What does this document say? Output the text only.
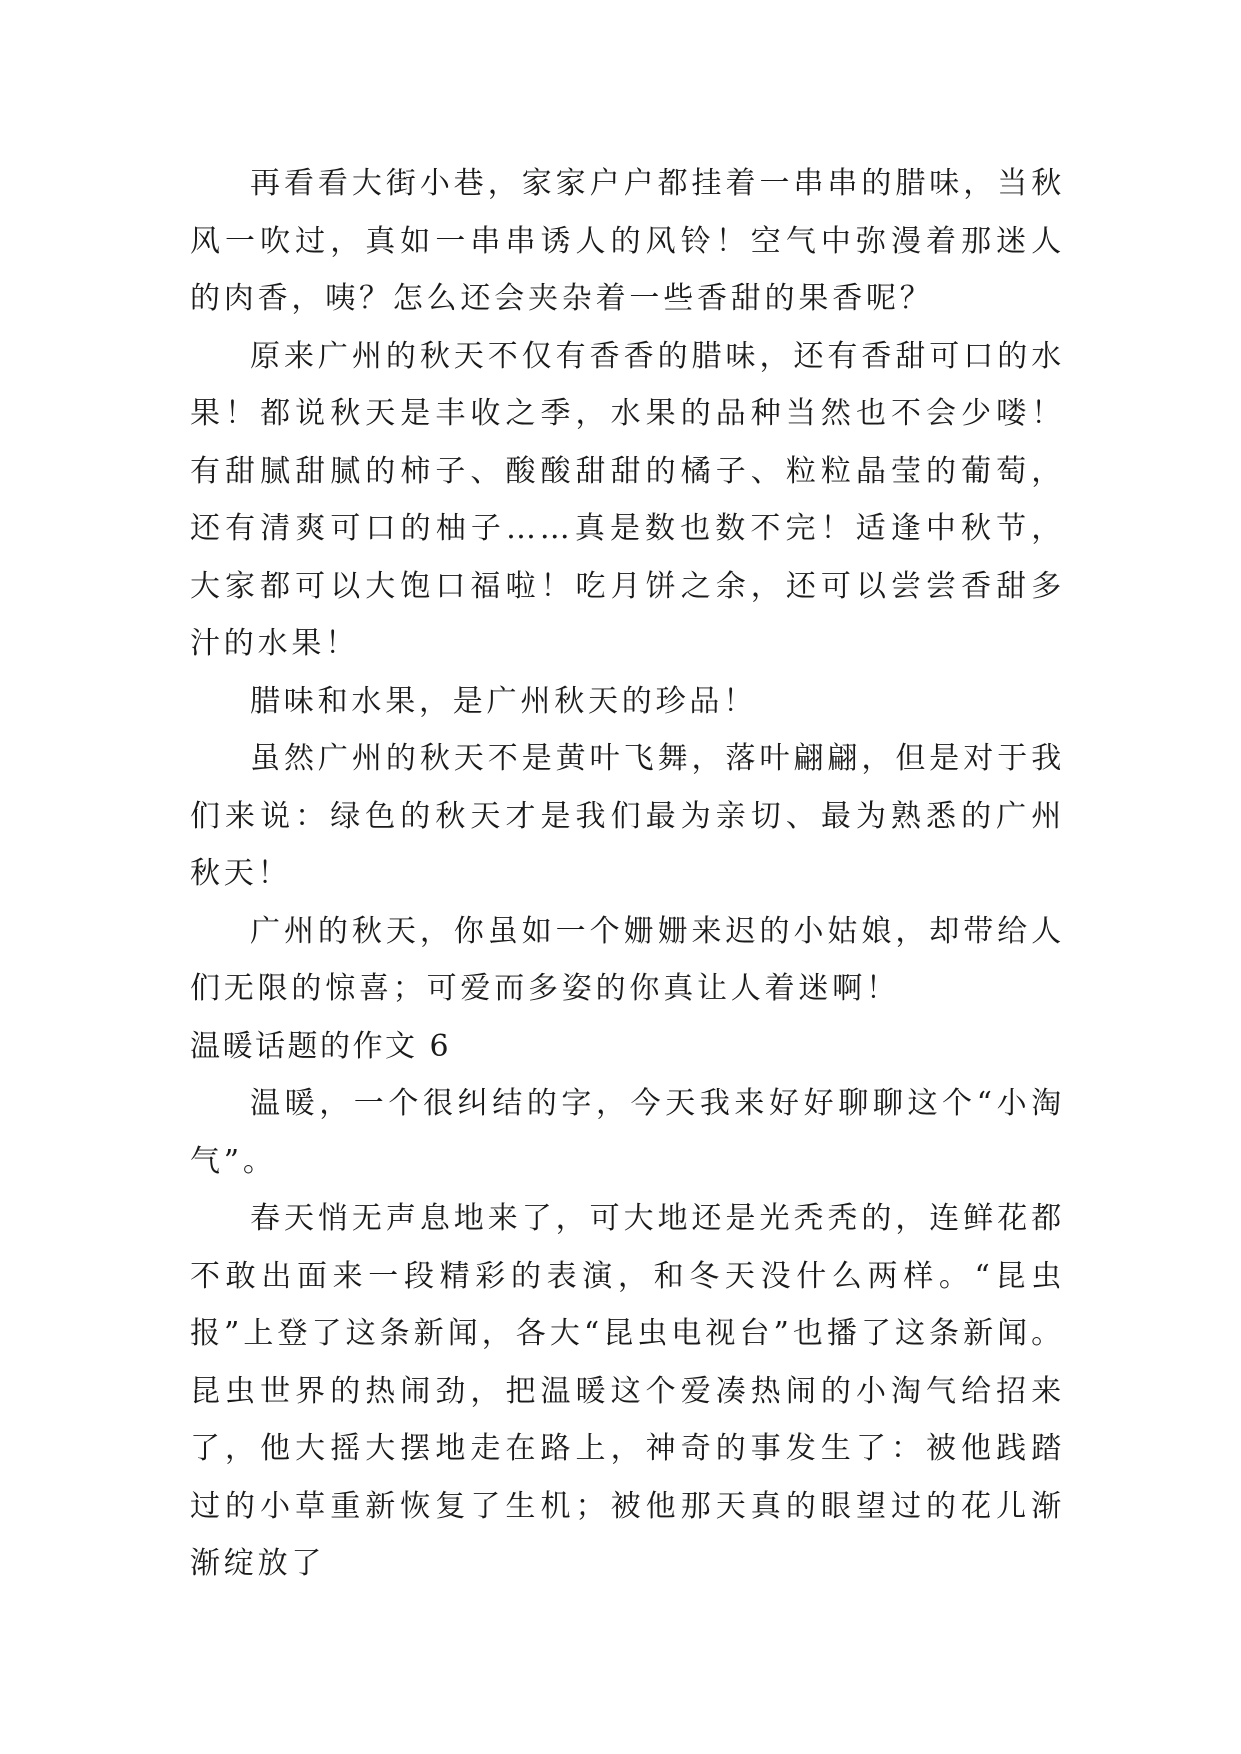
再看看大街小巷，家家户户都挂着一串串的腊味，当秋风一吹过，真如一串串诱人的风铃！空气中弥漫着那迷人的肉香，咦？怎么还会夹杂着一些香甜的果香呢？

原来广州的秋天不仅有香香的腊味，还有香甜可口的水果！都说秋天是丰收之季，水果的品种当然也不会少喽！有甜腻甜腻的柿子、酸酸甜甜的橘子、粒粒晶莹的葡萄，还有清爽可口的柚子……真是数也数不完！适逢中秋节，大家都可以大饱口福啦！吃月饼之余，还可以尝尝香甜多汁的水果！

腊味和水果，是广州秋天的珍品！

虽然广州的秋天不是黄叶飞舞，落叶翩翩，但是对于我们来说：绿色的秋天才是我们最为亲切、最为熟悉的广州秋天！

广州的秋天，你虽如一个姗姗来迟的小姑娘，却带给人们无限的惊喜；可爱而多姿的你真让人着迷啊！

温暖话题的作文 6

温暖，一个很纠结的字，今天我来好好聊聊这个“小淘气”。

春天悄无声息地来了，可大地还是光秃秃的，连鲜花都不敢出面来一段精彩的表演，和冬天没什么两样。“昆虫报”上登了这条新闻，各大“昆虫电视台”也播了这条新闻。昆虫世界的热闹劲，把温暖这个爱凑热闹的小淘气给招来了，他大摇大摆地走在路上，神奇的事发生了：被他践踏过的小草重新恢复了生机；被他那天真的眼望过的花儿渐渐绽放了
